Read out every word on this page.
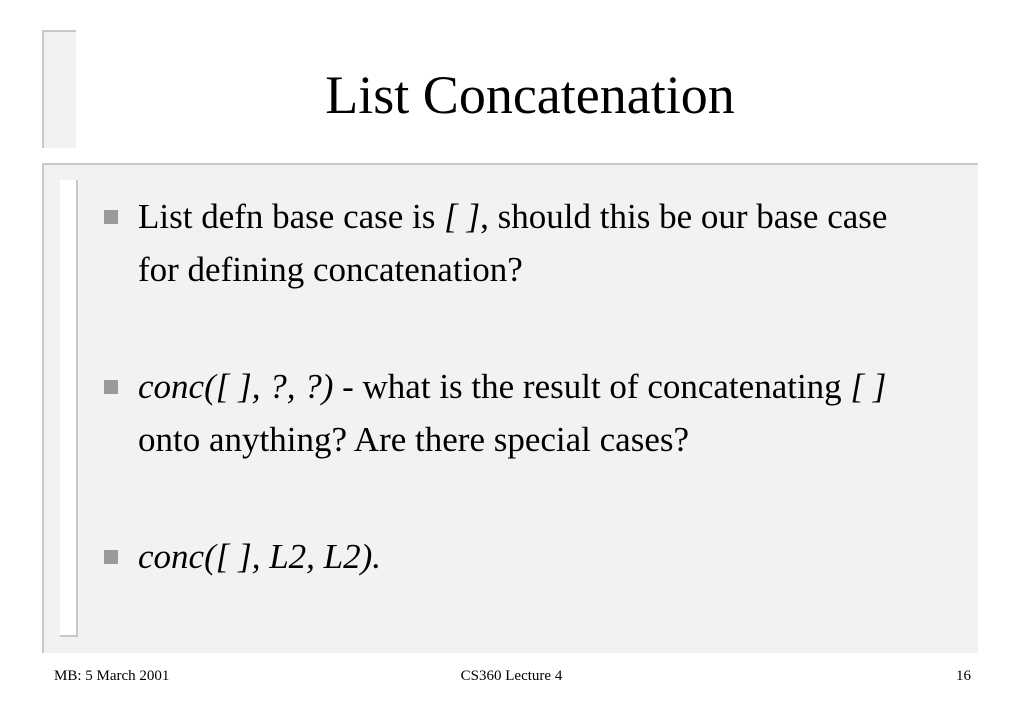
List Concatenation
List defn base case is [ ], should this be our base case for defining concatenation?
conc([ ], ?, ?) - what is the result of concatenating [ ] onto anything? Are there special cases?
conc([ ], L2, L2).
MB: 5 March 2001	CS360 Lecture 4	16
